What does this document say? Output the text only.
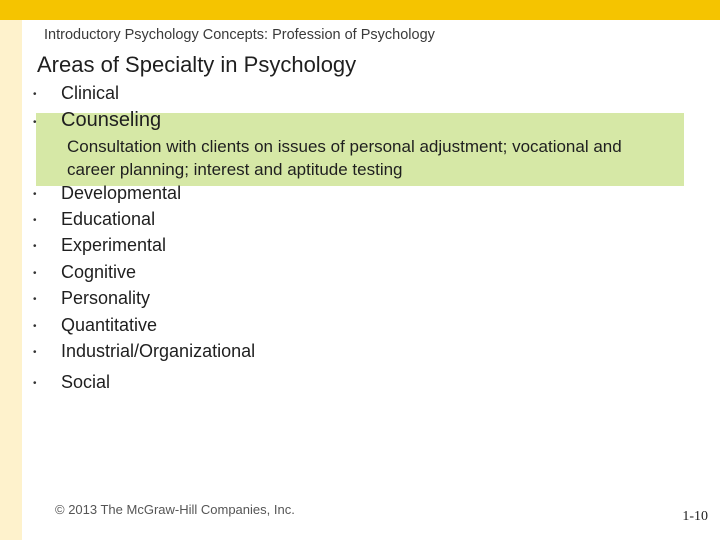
Introductory Psychology Concepts: Profession of Psychology
Areas of Specialty in Psychology
•
•
•
•
•
•
•
•
•
•
Clinical
Counseling
Consultation with clients on issues of personal adjustment; vocational and career planning; interest and aptitude testing
Developmental
Educational
Experimental
Cognitive
Personality
Quantitative
Industrial/Organizational
Social
© 2013 The McGraw-Hill Companies, Inc.	1-10
